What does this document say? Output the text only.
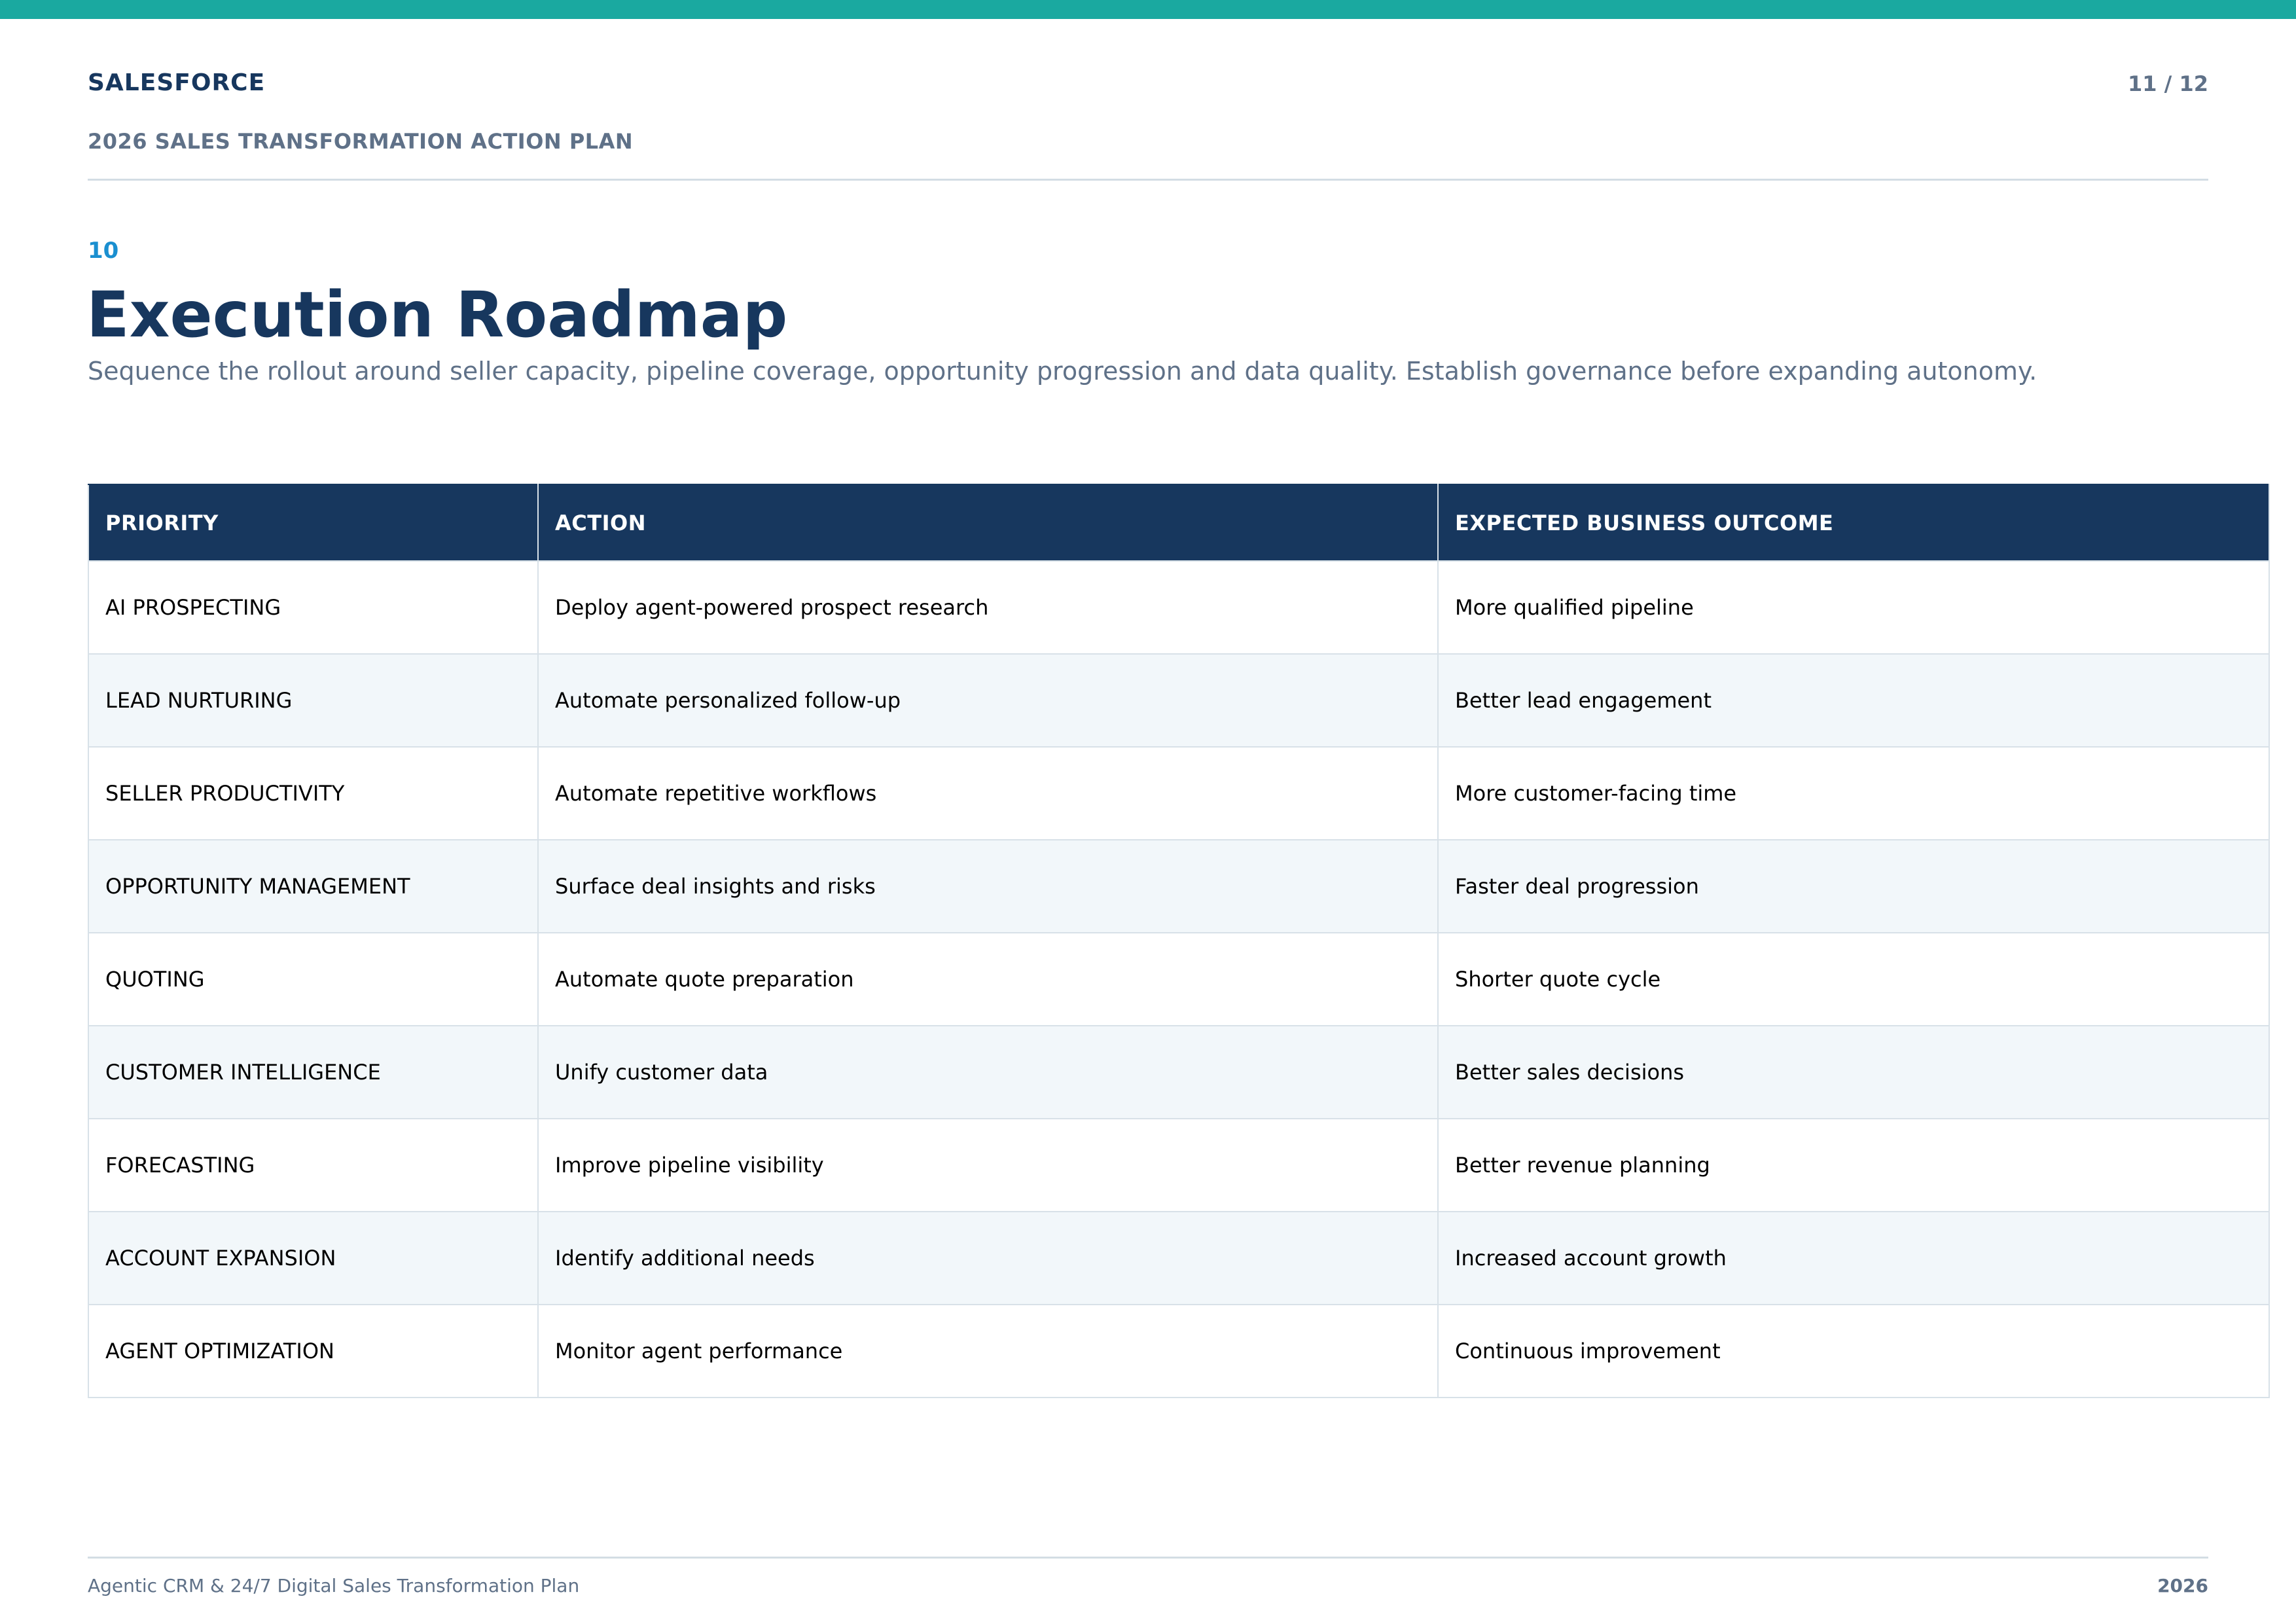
SALESFORCE	11 / 12
2026 SALES TRANSFORMATION ACTION PLAN
10
Execution Roadmap

Sequence the rollout around seller capacity, pipeline coverage, opportunity progression and data quality. Establish governance before expanding autonomy.

PRIORITY	ACTION	EXPECTED BUSINESS OUTCOME
AI PROSPECTING	Deploy agent-powered prospect research	More qualified pipeline
LEAD NURTURING	Automate personalized follow-up	Better lead engagement
SELLER PRODUCTIVITY	Automate repetitive workflows	More customer-facing time
OPPORTUNITY MANAGEMENT	Surface deal insights and risks	Faster deal progression
QUOTING	Automate quote preparation	Shorter quote cycle
CUSTOMER INTELLIGENCE	Unify customer data	Better sales decisions
FORECASTING	Improve pipeline visibility	Better revenue planning
ACCOUNT EXPANSION	Identify additional needs	Increased account growth
AGENT OPTIMIZATION	Monitor agent performance	Continuous improvement
Agentic CRM & 24/7 Digital Sales Transformation Plan	2026
